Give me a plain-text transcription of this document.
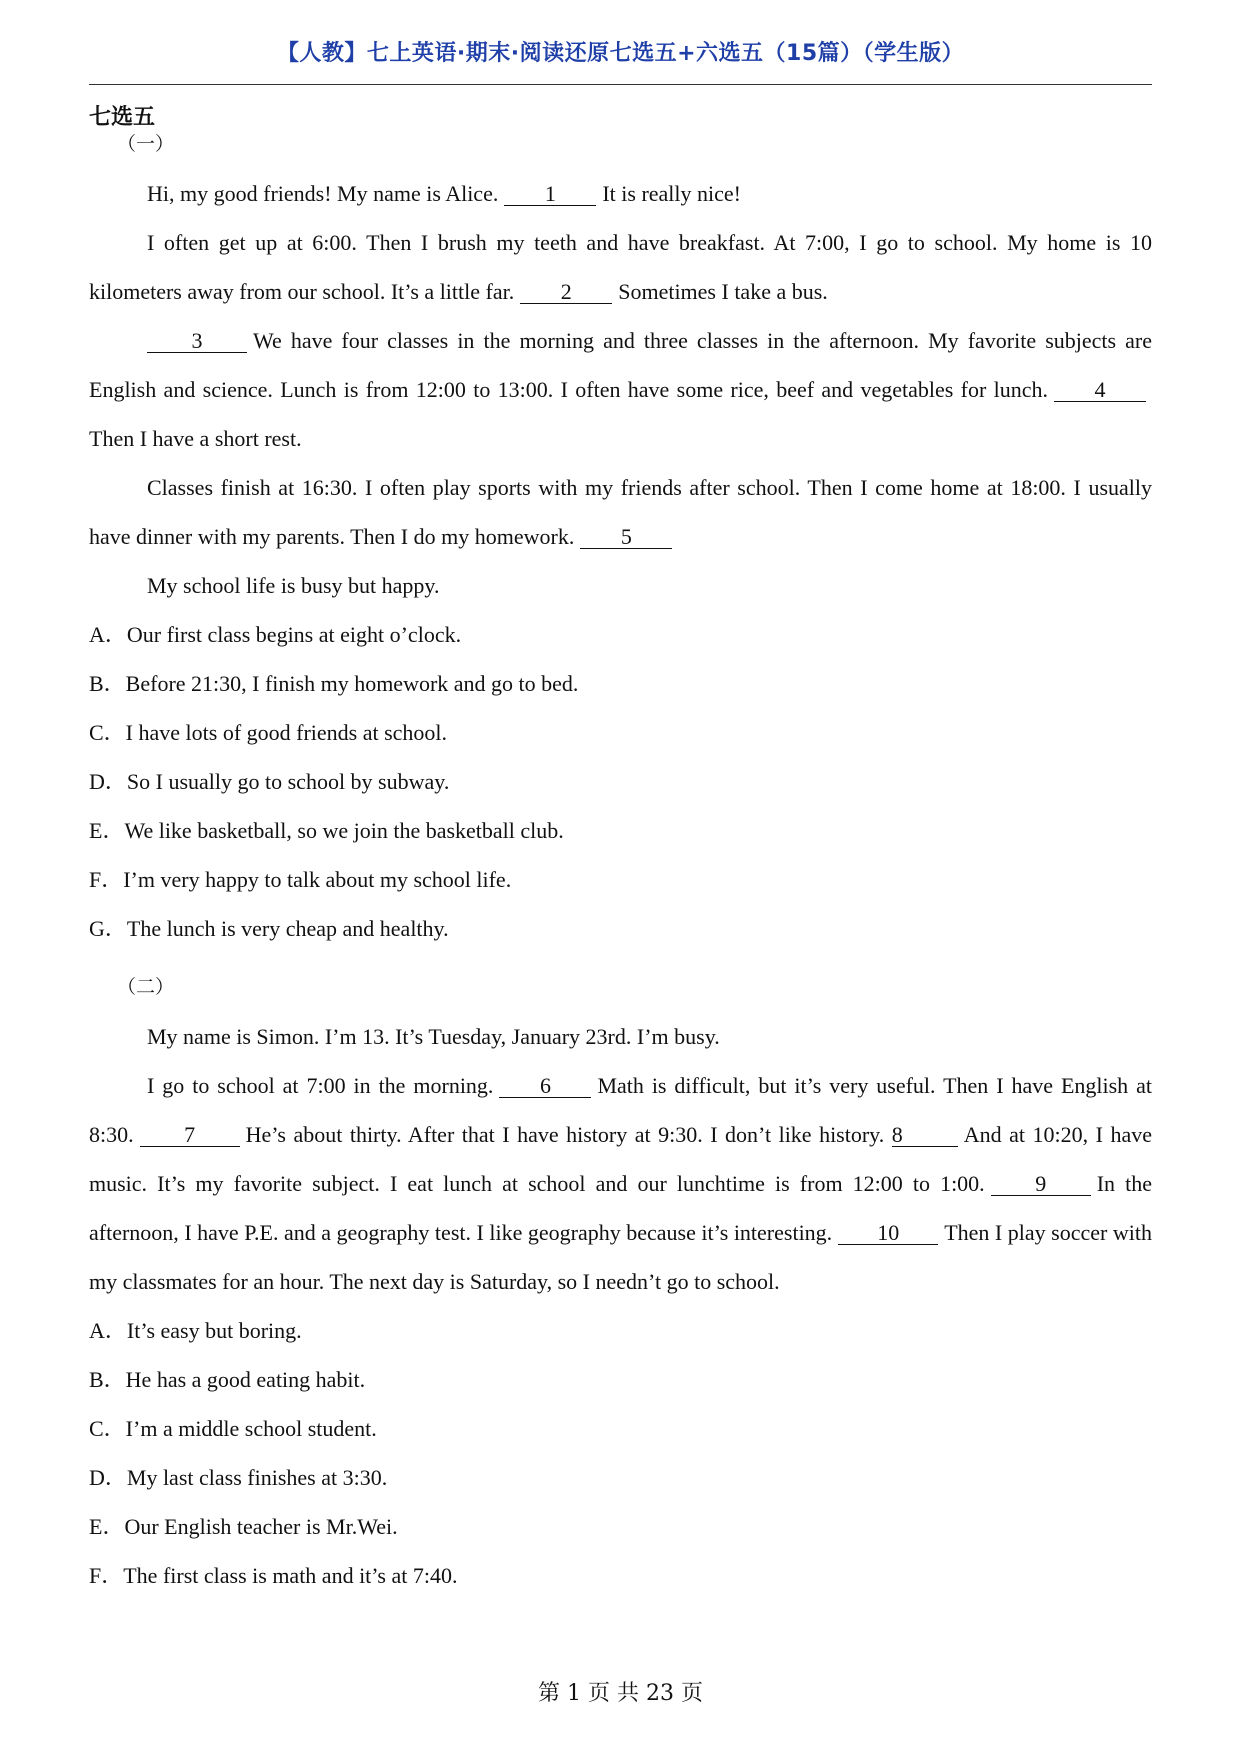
【人教】七上英语·期末·阅读还原七选五+六选五（15篇）（学生版）
七选五

（一）

Hi, my good friends! My name is Alice. 1 It is really nice!

I often get up at 6:00. Then I brush my teeth and have breakfast. At 7:00, I go to school. My home is 10 kilometers away from our school. It’s a little far. 2 Sometimes I take a bus.

3 We have four classes in the morning and three classes in the afternoon. My favorite subjects are English and science. Lunch is from 12:00 to 13:00. I often have some rice, beef and vegetables for lunch. 4Then I have a short rest.

Classes finish at 16:30. I often play sports with my friends after school. Then I come home at 18:00. I usually have dinner with my parents. Then I do my homework. 5

My school life is busy but happy.

A．Our first class begins at eight o’clock.

B．Before 21:30, I finish my homework and go to bed.

C．I have lots of good friends at school.

D．So I usually go to school by subway.

E．We like basketball, so we join the basketball club.

F．I’m very happy to talk about my school life.

G．The lunch is very cheap and healthy.

（二）

My name is Simon. I’m 13. It’s Tuesday, January 23rd. I’m busy.

I go to school at 7:00 in the morning. 6 Math is difficult, but it’s very useful. Then I have English at 8:30. 7 He’s about thirty. After that I have history at 9:30. I don’t like history. 8	And at 10:20, I have music. It’s my favorite subject. I eat lunch at school and our lunchtime is from 12:00 to 1:00. 9 In the afternoon, I have P.E. and a geography test. I like geography because it’s interesting. 10 Then I play soccer with my classmates for an hour. The next day is Saturday, so I needn’t go to school.

A．It’s easy but boring.

B．He has a good eating habit.

C．I’m a middle school student.

D．My last class finishes at 3:30.

E．Our English teacher is Mr.Wei.

F．The first class is math and it’s at 7:40.

第 1 页 共 23 页
